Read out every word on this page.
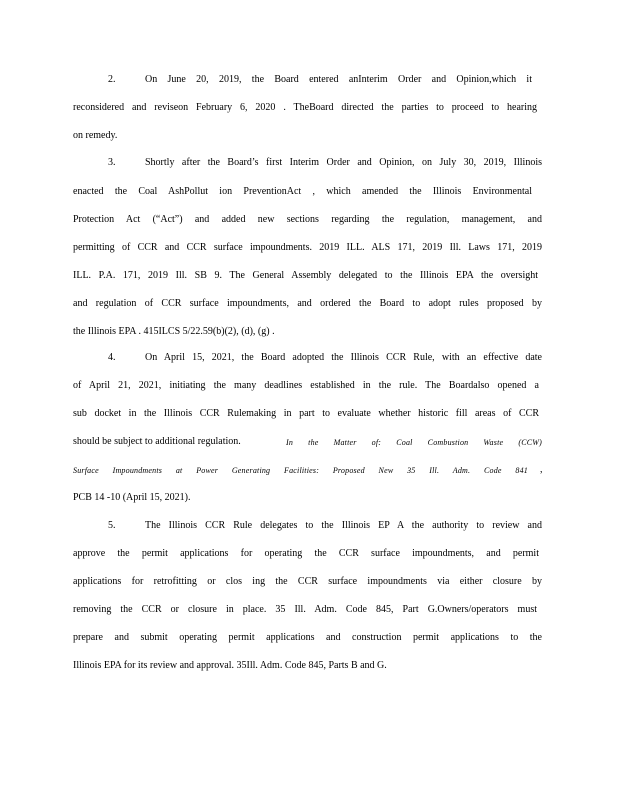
2.	On June 20, 2019, the Board entered anInterim Order and Opinion,which it
reconsidered and reviseon February 6, 2020 . TheBoard directed the parties to proceed to hearing
on remedy.
3.	Shortly after the Board’s first Interim Order and Opinion, on July 30, 2019, Illinois
enacted the Coal AshPollut ion PreventionAct , which amended the Illinois Environmental
Protection Act (“Act”) and added new sections regarding the regulation, management, and
permitting of CCR and CCR surface impoundments. 2019 ILL. ALS 171, 2019 Ill. Laws 171, 2019
ILL. P.A. 171, 2019 Ill. SB 9. The General Assembly delegated to the Illinois EPA the oversight
and regulation of CCR surface impoundments, and ordered the Board to adopt rules proposed by
the Illinois EPA . 415ILCS 5/22.59(b)(2), (d), (g) .
4.	On April 15, 2021, the Board adopted the Illinois CCR Rule, with an effective date
of April 21, 2021, initiating the many deadlines established in the rule. The Boardalso opened a
sub docket in the Illinois CCR Rulemaking in part to evaluate whether historic fill areas of CCR
should be subject to additional regulation.	In the Matter of: Coal Combustion Waste (CCW)
Surface Impoundments at Power Generating Facilities: Proposed New 35 Ill. Adm. Code 841 ,
PCB 14 -10 (April 15, 2021).
5.	The Illinois CCR Rule delegates to the Illinois EP A the authority to review and
approve the permit applications for operating the CCR surface impoundments, and permit
applications for retrofitting or clos ing the CCR surface impoundments via either closure by
removing the CCR or closure in place. 35 Ill. Adm. Code 845, Part G.Owners/operators must
prepare and submit operating permit applications and construction permit applications to the
Illinois EPA for its review and approval. 35Ill. Adm. Code 845, Parts B and G.
